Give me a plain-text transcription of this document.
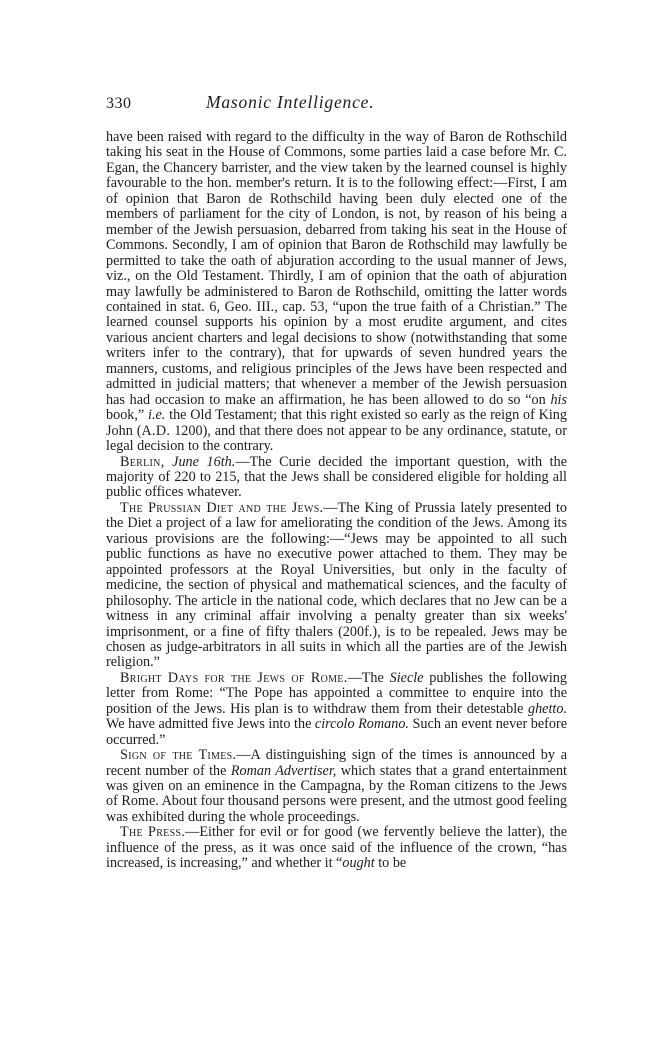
330	Masonic Intelligence.

have been raised with regard to the difficulty in the way of Baron de Rothschild taking his seat in the House of Commons, some parties laid a case before Mr. C. Egan, the Chancery barrister, and the view taken by the learned counsel is highly favourable to the hon. member's return. It is to the following effect:—First, I am of opinion that Baron de Rothschild having been duly elected one of the members of parliament for the city of London, is not, by reason of his being a member of the Jewish persuasion, debarred from taking his seat in the House of Commons. Secondly, I am of opinion that Baron de Rothschild may lawfully be permitted to take the oath of abjuration according to the usual manner of Jews, viz., on the Old Testament. Thirdly, I am of opinion that the oath of abjuration may lawfully be administered to Baron de Rothschild, omitting the latter words contained in stat. 6, Geo. III., cap. 53, “upon the true faith of a Christian.” The learned counsel supports his opinion by a most erudite argument, and cites various ancient charters and legal decisions to show (notwithstanding that some writers infer to the contrary), that for upwards of seven hundred years the manners, customs, and religious principles of the Jews have been respected and admitted in judicial matters; that whenever a member of the Jewish persuasion has had occasion to make an affirmation, he has been allowed to do so “on his book,” i.e. the Old Testament; that this right existed so early as the reign of King John (A.D. 1200), and that there does not appear to be any ordinance, statute, or legal decision to the contrary.

Berlin, June 16th.—The Curie decided the important question, with the majority of 220 to 215, that the Jews shall be considered eligible for holding all public offices whatever.

The Prussian Diet and the Jews.—The King of Prussia lately presented to the Diet a project of a law for ameliorating the condition of the Jews. Among its various provisions are the following:—“Jews may be appointed to all such public functions as have no executive power attached to them. They may be appointed professors at the Royal Universities, but only in the faculty of medicine, the section of physical and mathematical sciences, and the faculty of philosophy. The article in the national code, which declares that no Jew can be a witness in any criminal affair involving a penalty greater than six weeks' imprisonment, or a fine of fifty thalers (200f.), is to be repealed. Jews may be chosen as judge-arbitrators in all suits in which all the parties are of the Jewish religion.”

Bright Days for the Jews of Rome.—The Siecle publishes the following letter from Rome: “The Pope has appointed a committee to enquire into the position of the Jews. His plan is to withdraw them from their detestable ghetto. We have admitted five Jews into the circolo Romano. Such an event never before occurred.”

Sign of the Times.—A distinguishing sign of the times is announced by a recent number of the Roman Advertiser, which states that a grand entertainment was given on an eminence in the Campagna, by the Roman citizens to the Jews of Rome. About four thousand persons were present, and the utmost good feeling was exhibited during the whole proceedings.

The Press.—Either for evil or for good (we fervently believe the latter), the influence of the press, as it was once said of the influence of the crown, “has increased, is increasing,” and whether it “ought to be
